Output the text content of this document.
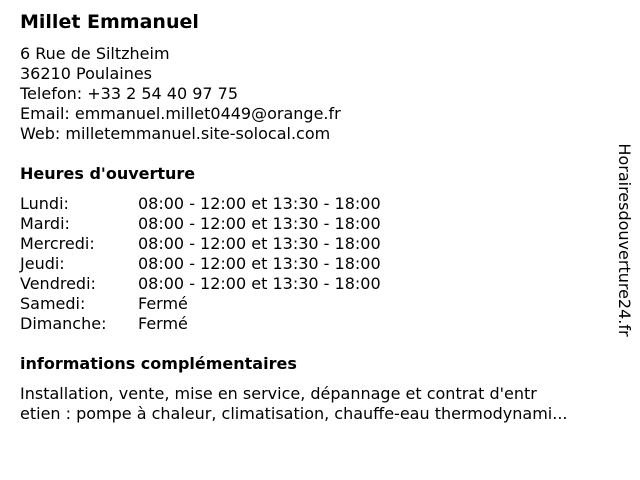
Millet Emmanuel
6 Rue de Siltzheim
36210 Poulaines
Telefon: +33 2 54 40 97 75
Email: emmanuel.millet0449@orange.fr
Web: milletemmanuel.site-solocal.com
Heures d'ouverture
Lundi:	08:00 - 12:00 et 13:30 - 18:00
Mardi:	08:00 - 12:00 et 13:30 - 18:00
Mercredi:	08:00 - 12:00 et 13:30 - 18:00
Jeudi:	08:00 - 12:00 et 13:30 - 18:00
Vendredi:	08:00 - 12:00 et 13:30 - 18:00
Samedi:	Fermé
Dimanche:	Fermé
informations complémentaires
Installation, vente, mise en service, dépannage et contrat d'entr
etien : pompe à chaleur, climatisation, chauffe-eau thermodynami...
Horairesdouverture24.fr
